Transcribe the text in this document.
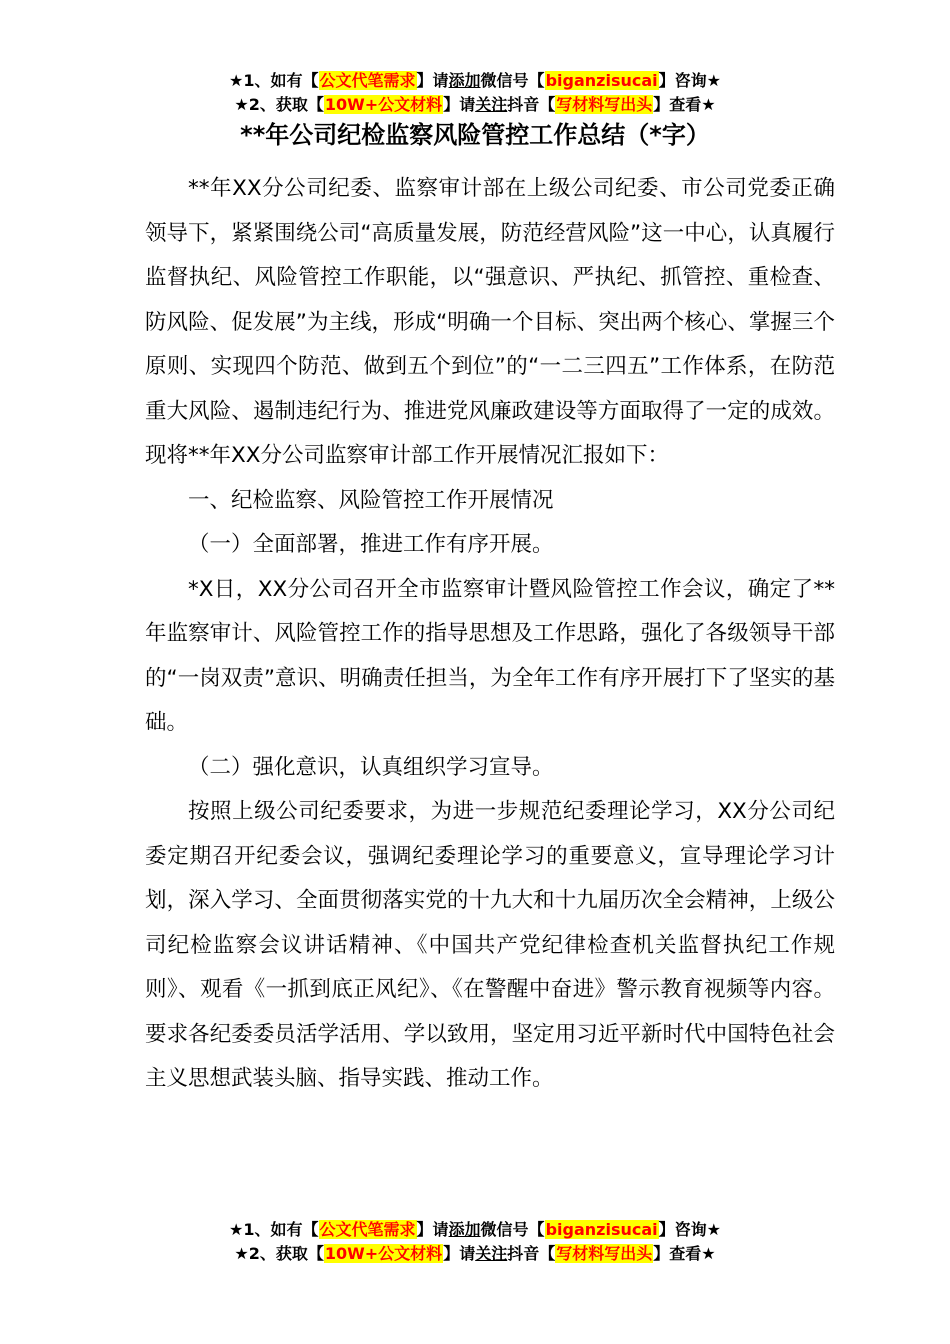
★1、如有【公文代笔需求】请添加微信号【biganzisucai】咨询★
★2、获取【10W+公文材料】请关注抖音【写材料写出头】查看★
**年公司纪检监察风险管控工作总结（*字）

**年XX分公司纪委、监察审计部在上级公司纪委、市公司党委正确领导下，紧紧围绕公司“高质量发展，防范经营风险”这一中心，认真履行监督执纪、风险管控工作职能，以“强意识、严执纪、抓管控、重检查、防风险、促发展”为主线，形成“明确一个目标、突出两个核心、掌握三个原则、实现四个防范、做到五个到位”的“一二三四五”工作体系，在防范重大风险、遏制违纪行为、推进党风廉政建设等方面取得了一定的成效。现将**年XX分公司监察审计部工作开展情况汇报如下：

一、纪检监察、风险管控工作开展情况

（一）全面部署，推进工作有序开展。

*X日，XX分公司召开全市监察审计暨风险管控工作会议，确定了**年监察审计、风险管控工作的指导思想及工作思路，强化了各级领导干部的“一岗双责”意识、明确责任担当，为全年工作有序开展打下了坚实的基础。

（二）强化意识，认真组织学习宣导。

按照上级公司纪委要求，为进一步规范纪委理论学习，XX分公司纪委定期召开纪委会议，强调纪委理论学习的重要意义，宣导理论学习计划，深入学习、全面贯彻落实党的十九大和十九届历次全会精神，上级公司纪检监察会议讲话精神、《中国共产党纪律检查机关监督执纪工作规则》、观看《一抓到底正风纪》、《在警醒中奋进》警示教育视频等内容。要求各纪委委员活学活用、学以致用，坚定用习近平新时代中国特色社会主义思想武装头脑、指导实践、推动工作。

★1、如有【公文代笔需求】请添加微信号【biganzisucai】咨询★
★2、获取【10W+公文材料】请关注抖音【写材料写出头】查看★
